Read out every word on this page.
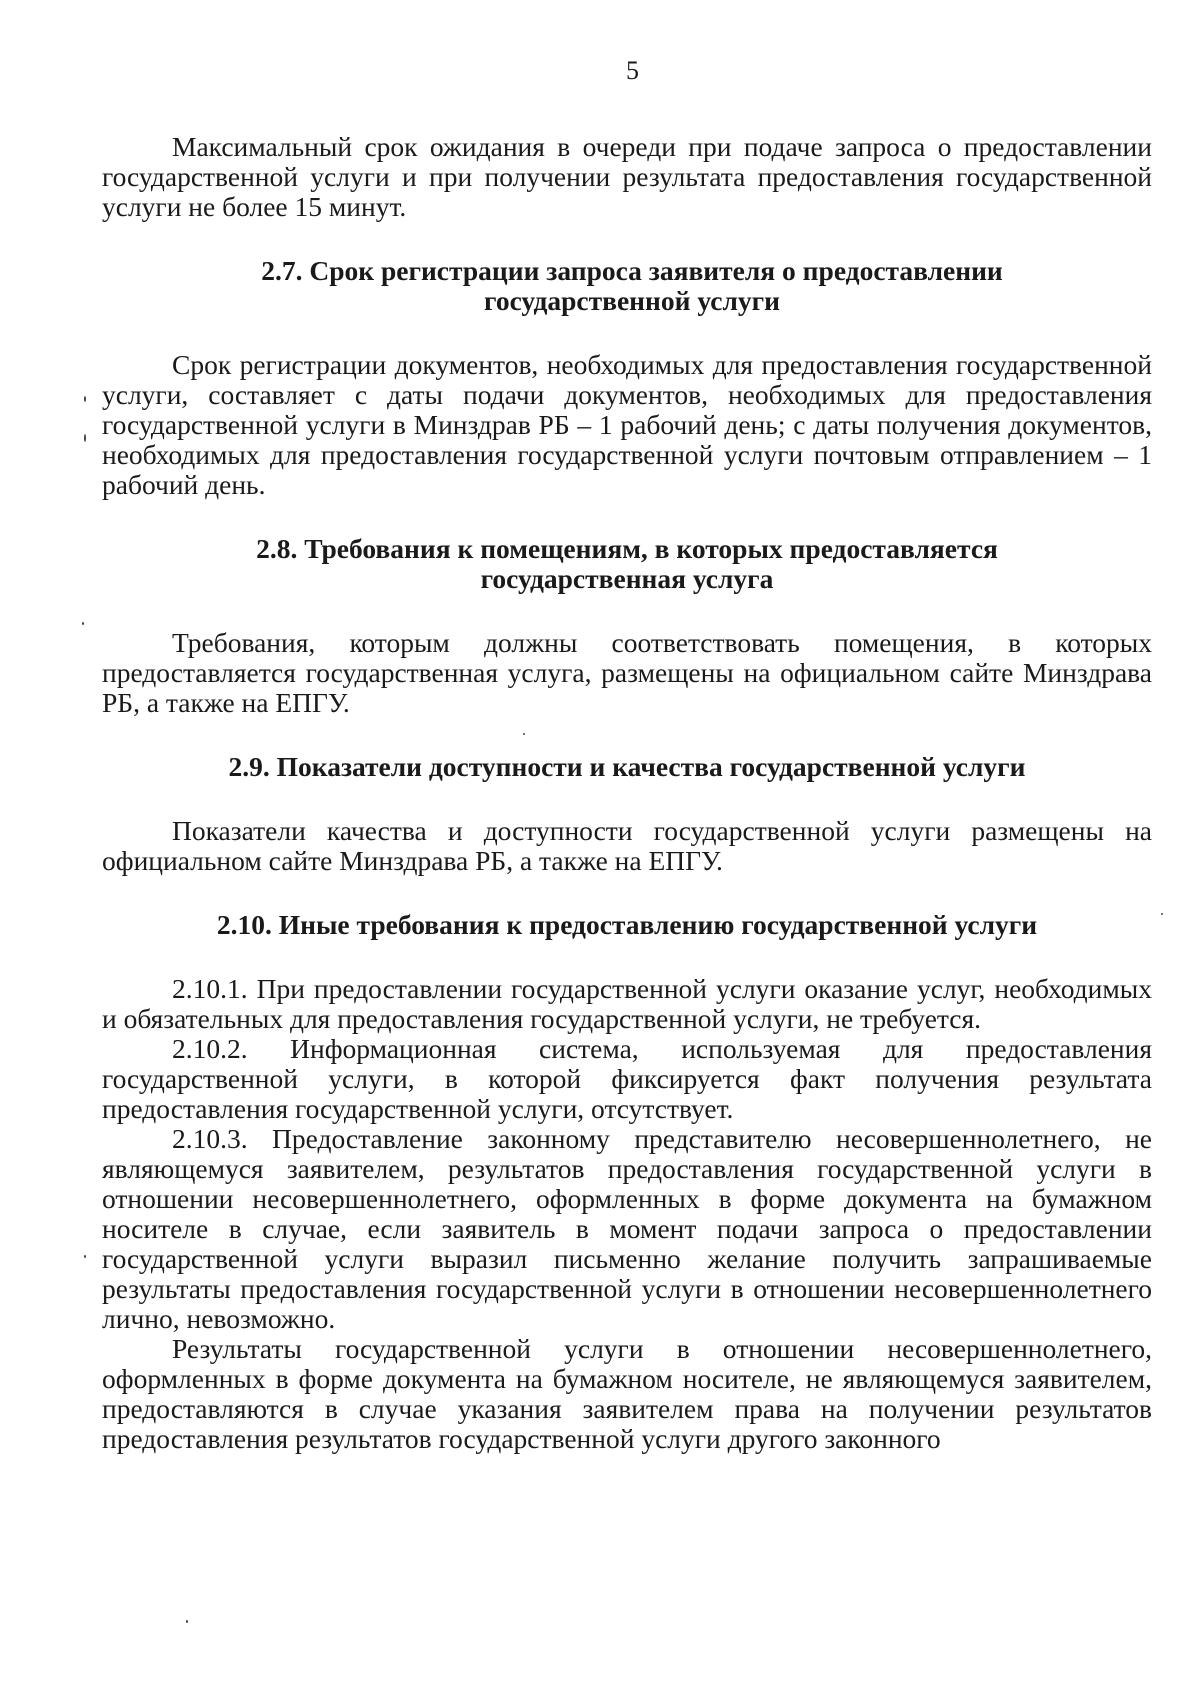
5

Максимальный срок ожидания в очереди при подаче запроса о предоставлении государственной услуги и при получении результата предоставления государственной услуги не более 15 минут.

2.7. Срок регистрации запроса заявителя о предоставлении государственной услуги

Срок регистрации документов, необходимых для предоставления государственной услуги, составляет с даты подачи документов, необходимых для предоставления государственной услуги в Минздрав РБ – 1 рабочий день; с даты получения документов, необходимых для предоставления государственной услуги почтовым отправлением – 1 рабочий день.

2.8. Требования к помещениям, в которых предоставляется государственная услуга

Требования, которым должны соответствовать помещения, в которых предоставляется государственная услуга, размещены на официальном сайте Минздрава РБ, а также на ЕПГУ.

2.9. Показатели доступности и качества государственной услуги

Показатели качества и доступности государственной услуги размещены на официальном сайте Минздрава РБ, а также на ЕПГУ.

2.10. Иные требования к предоставлению государственной услуги

2.10.1. При предоставлении государственной услуги оказание услуг, необходимых и обязательных для предоставления государственной услуги, не требуется.

2.10.2. Информационная система, используемая для предоставления государственной услуги, в которой фиксируется факт получения результата предоставления государственной услуги, отсутствует.

2.10.3. Предоставление законному представителю несовершеннолетнего, не являющемуся заявителем, результатов предоставления государственной услуги в отношении несовершеннолетнего, оформленных в форме документа на бумажном носителе в случае, если заявитель в момент подачи запроса о предоставлении государственной услуги выразил письменно желание получить запрашиваемые результаты предоставления государственной услуги в отношении несовершеннолетнего лично, невозможно.

Результаты государственной услуги в отношении несовершеннолетнего, оформленных в форме документа на бумажном носителе, не являющемуся заявителем, предоставляются в случае указания заявителем права на получении результатов предоставления результатов государственной услуги другого законного
